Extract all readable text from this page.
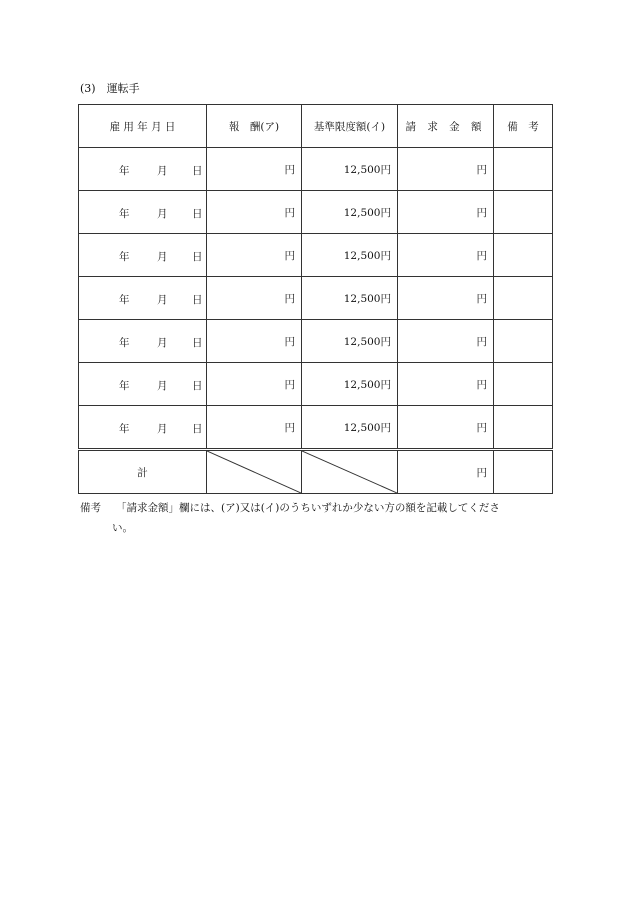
(3)　 運転手
雇 用 年 月 日	報　酬(ア)	基準限度額(イ)	請 求 金 額	備　考

年 月 日	円	12,500円	円	

年 月 日	円	12,500円	円	

年 月 日	円	12,500円	円	

年 月 日	円	12,500円	円	

年 月 日	円	12,500円	円	

年 月 日	円	12,500円	円	

年 月 日	円	12,500円	円	
計			円	
備考 「請求金額」欄には、(ア)又は(イ)のうちいずれか少ない方の額を記載してくださ
い。
